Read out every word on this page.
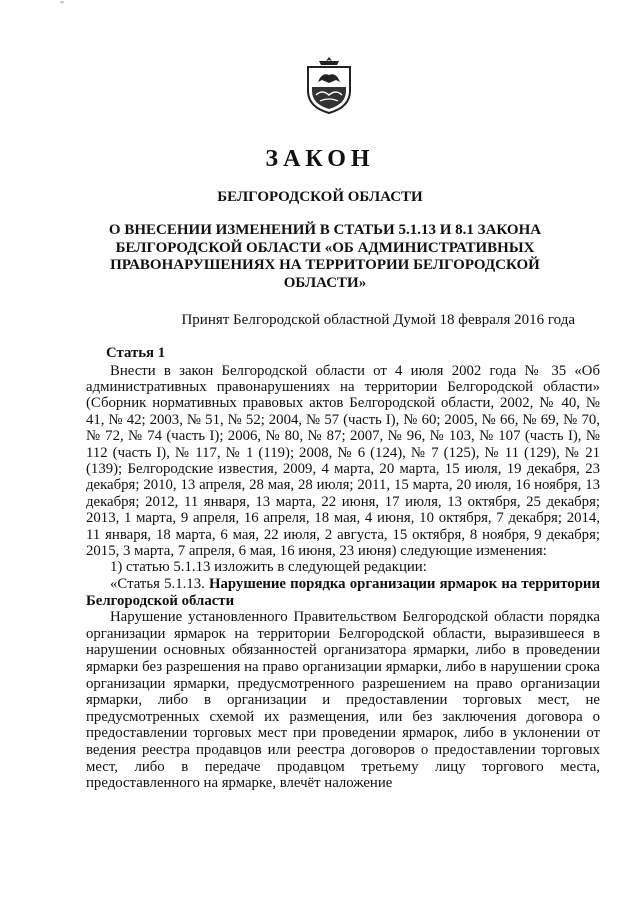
"
ЗАКОН
БЕЛГОРОДСКОЙ ОБЛАСТИ

О ВНЕСЕНИИ ИЗМЕНЕНИЙ В СТАТЬИ 5.1.13 И 8.1 ЗАКОНА БЕЛГОРОДСКОЙ ОБЛАСТИ «ОБ АДМИНИСТРАТИВНЫХ ПРАВОНАРУШЕНИЯХ НА ТЕРРИТОРИИ БЕЛГОРОДСКОЙ ОБЛАСТИ»

Принят Белгородской областной Думой 18 февраля 2016 года

Статья 1

Внести в закон Белгородской области от 4 июля 2002 года № 35 «Об административных правонарушениях на территории Белгородской области» (Сборник нормативных правовых актов Белгородской области, 2002, № 40, № 41, № 42; 2003, № 51, № 52; 2004, № 57 (часть I), № 60; 2005, № 66, № 69, № 70, № 72, № 74 (часть I); 2006, № 80, № 87; 2007, № 96, № 103, № 107 (часть I), № 112 (часть I), № 117, № 1 (119); 2008, № 6 (124), № 7 (125), № 11 (129), № 21 (139); Белгородские известия, 2009, 4 марта, 20 марта, 15 июля, 19 декабря, 23 декабря; 2010, 13 апреля, 28 мая, 28 июля; 2011, 15 марта, 20 июля, 16 ноября, 13 декабря; 2012, 11 января, 13 марта, 22 июня, 17 июля, 13 октября, 25 декабря; 2013, 1 марта, 9 апреля, 16 апреля, 18 мая, 4 июня, 10 октября, 7 декабря; 2014, 11 января, 18 марта, 6 мая, 22 июля, 2 августа, 15 октября, 8 ноября, 9 декабря; 2015, 3 марта, 7 апреля, 6 мая, 16 июня, 23 июня) следующие изменения:

1) статью 5.1.13 изложить в следующей редакции:

«Статья 5.1.13. Нарушение порядка организации ярмарок на территории Белгородской области

Нарушение установленного Правительством Белгородской области порядка организации ярмарок на территории Белгородской области, выразившееся в нарушении основных обязанностей организатора ярмарки, либо в проведении ярмарки без разрешения на право организации ярмарки, либо в нарушении срока организации ярмарки, предусмотренного разрешением на право организации ярмарки, либо в организации и предоставлении торговых мест, не предусмотренных схемой их размещения, или без заключения договора о предоставлении торговых мест при проведении ярмарок, либо в уклонении от ведения реестра продавцов или реестра договоров о предоставлении торговых мест, либо в передаче продавцом третьему лицу торгового места, предоставленного на ярмарке, влечёт наложение
